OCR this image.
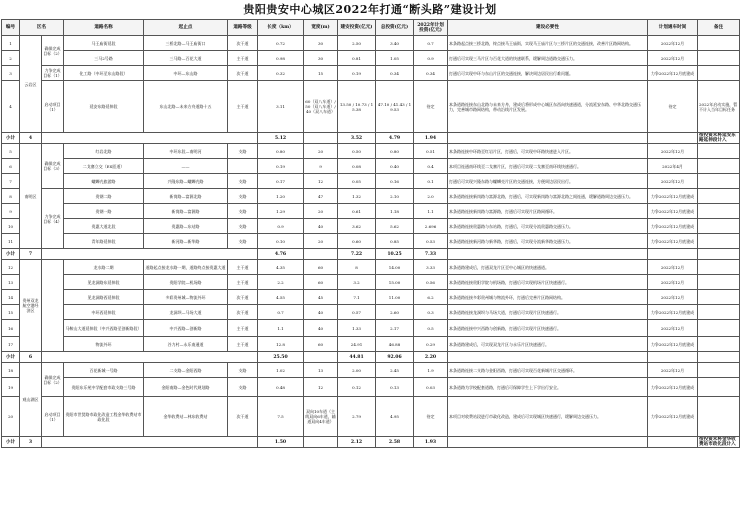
贵阳贵安中心城区2022年打通“断头路”建设计划
编号	区名		道路名称	起止点	道路等级	长度（km）	宽度(m)	建安投资(亿元)	总投资(亿元)	2022年计划投资(亿元)	建设必要性	计划通车时间	备注
1	云岩区	确保完成目标（2）	马王庙街延段	三桥北路—马王庙街口	次干道	0.72	30	2.50	3.40	0.7	本条路起点接三桥北路，终点接马王庙街，实现马王庙片区与三桥片区的交通连接，改善片区路网结构。	2022年12月	
2			三马2号路	三马路—百花大道	主干道	0.98	30	0.81	1.05	0.9	打通后可实现三马片区与百花大道的快速联系，缓解周边道路交通压力。	2022年12月	
3		力争完成目标（1）	化工路（中环至东山路段）	中环—东山路	次干道	0.32	15	0.19	0.34	0.34	打通后可实现中环与东山片区的交通连接，解决周边居民出行难问题。	力争2022年12月底建成	
4		启动项目（1）	延安东路延伸段	东山北路—未来方舟道路十五	主干道	3.11	60（双八车道）/ 50（双八车道）/ 40（双八车道）	13.50 / 10.73 / 15.38	47.10 / 41.43 / 19.53	待定	本条道路连接东山北路与未来方舟，建成后将形成中心城区东西向快速通道，分流延安东路、中华北路交通压力，完善城市路网结构，带动沿线片区发展。	待定	2022年启动实施，暂不计入当年目标任务
小计	4					5.12		3.52	4.79	1.94			按投资未将延安东路延伸段计入
5	南明区	确保完成目标（3）	红岩北路	中环东段—南明河	支路	0.80	20	0.50	0.80	0.51	本条路连接中环路至红岩片区，打通后，可实现中环路快速进入片区。	2022年12月	
6			二戈寨立交（ES匝道）	——		0.19	9	0.08	0.40	0.4	本项目连通南环线至二戈寨片区，打通后可实现二戈寨至南环线快速通行。	2022年4月	
7			螺蛳壳旅游路	兴隆东路—螺蛳壳路	支路	0.17	12	0.05	0.16	0.1	打通后可实现兴隆东路与螺蛳壳片区的交通连接，方便周边居民出行。	2022年12月	
8		力争完成目标（4）	贵钢二路	新岗路—富源北路	支路	1.20	47	1.32	2.10	2.0	本条道路连接新岗路与富源北路，打通后，可实现新岗路与富源北路之间连通，缓解道路周边交通压力。	力争2022年12月底建成	
9			贵钢一路	新岗路—富源路	支路	1.29	20	0.61	1.18	1.1	本条道路连接新岗路与富源路，打通后可实现片区路网循环。	力争2022年12月底建成	
10			贵惠大道北段	贵惠路—东站路	支路	0.9	40	3.62	5.62	2.696	本条道路连接贵惠路与东站路，打通后，可实现分流贵惠路交通压力。	力争2022年12月底建成	
11			青年路延伸段	新河路—新华路	支路	0.10	20	0.60	0.85	0.53	本条道路连接新河路与新华路，打通后，可实现分流新华路交通压力。	力争2022年12月底建成	
小计	7					4.76		7.22	10.25	7.33			
12	贵州双龙航空港经济区		龙水路二期	道路起点接龙水路一期，道路终点接贵惠大道	主干道	4.35	60	8	14.00	3.33	本条道路建成后，打通双龙片区至中心城区的快速通道。	2022年12月	
13			见龙洞路东延伸段	贵阳学院—机场路	主干道	2.2	60	3.2	15.00	0.56	本条道路连接贵阳学院与机场路，打通后可实现机场片区快速通行。	2022年12月	
14			见龙洞路西延伸段	多彩贵州城—物流外环	次干道	4.55	45	7.1	11.00	6.2	本条道路连接多彩贵州城与物流外环，打通后完善片区路网结构。	2022年12月	
15			中环西延伸段	龙洞坝—马场大道	次干道	0.7	40	0.57	2.60	0.3	本条道路连接龙洞坝与马场大道，打通后可实现片区快速通行。	力争2022年12月底建成	
16			马鞍山大道延伸段（中兴西路至创新路段）	中兴西路—创新路	主干道	1.1	40	1.33	2.17	0.5	本条道路连接中兴西路与创新路，打通后可实现片区快速通行。	2022年12月	
17			物流外环	谷力村—永乐南通道	主干道	12.8	60	24.91	46.88	0.29	本条道路建成后，可实现双龙片区与永乐片区快速通行。	力争2022年12月底建成	
小计	6					25.50		44.81	92.06	2.20			
18	观山湖区	确保完成目标（2）	百花新城一号路	二支路—金阳西路	支路	1.02	13	2.00	2.45	1.9	本条道路连接二支路与金阳西路，打通后可实现百花新城片区交通循环。	2022年12月	
19			贵阳东乐苑中学配套市政支路三号路	金阳南路—金色时代规划路	支路	0.48	12	0.12	0.13	0.03	本条道路为学校配套道路，打通后可保障学生上下学出行安全。	力争2022年12月底建成	
20		启动项目（1）	贵阳市世贸路市政化改造工程金华收费站市政化段	金华收费站—林东收费站	次干道	7.5	双向10车道（主线双向6车道，辅道双向4车道）	2.79	4.95	待定	本项目对收费站段进行市政化改造，建成后可实现城区快速通行，缓解周边交通压力。	力争2022年12月底建成	
小计	3					1.50		2.12	2.58	1.93			按投资未将金华收费站市政化段计入
